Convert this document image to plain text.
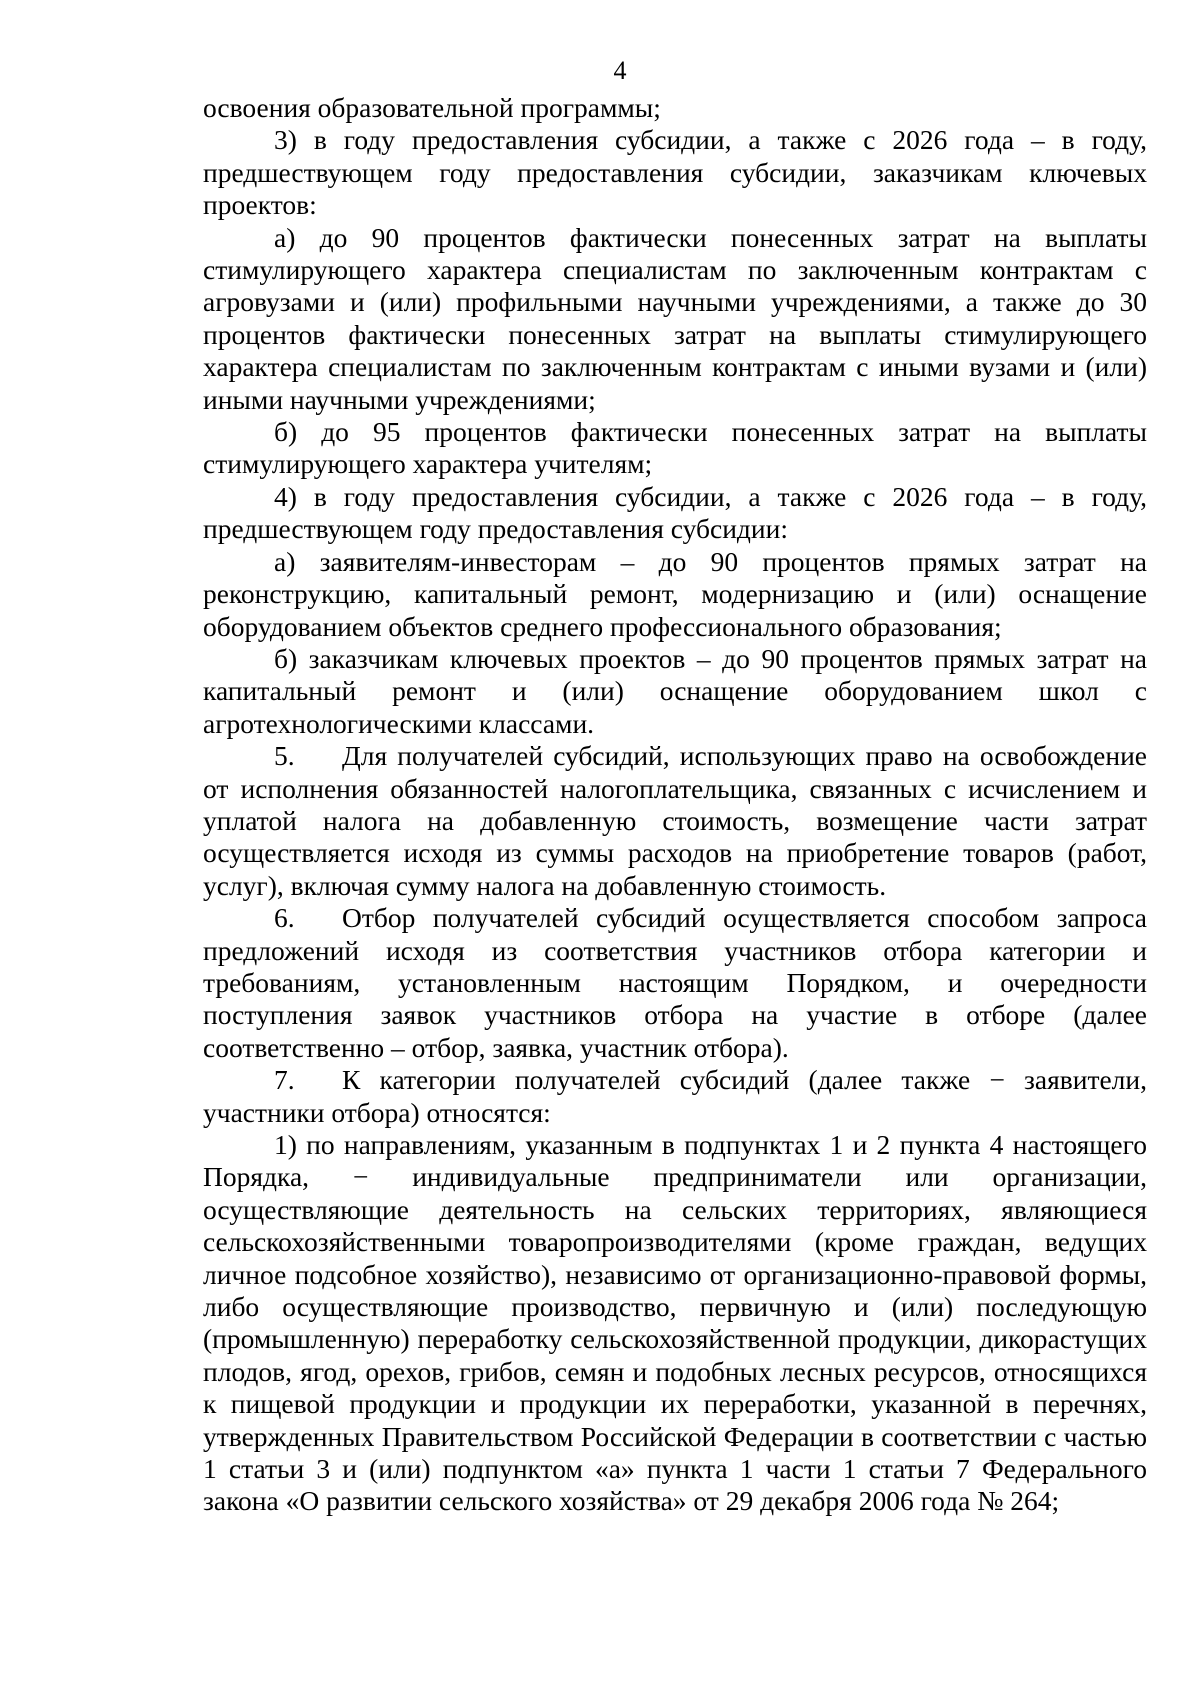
4

освоения образовательной программы;

3) в году предоставления субсидии, а также с 2026 года – в году, предшествующем году предоставления субсидии, заказчикам ключевых проектов:

а) до 90 процентов фактически понесенных затрат на выплаты стимулирующего характера специалистам по заключенным контрактам с агровузами и (или) профильными научными учреждениями, а также до 30 процентов фактически понесенных затрат на выплаты стимулирующего характера специалистам по заключенным контрактам с иными вузами и (или) иными научными учреждениями;

б) до 95 процентов фактически понесенных затрат на выплаты стимулирующего характера учителям;

4) в году предоставления субсидии, а также с 2026 года – в году, предшествующем году предоставления субсидии:

а) заявителям-инвесторам – до 90 процентов прямых затрат на реконструкцию, капитальный ремонт, модернизацию и (или) оснащение оборудованием объектов среднего профессионального образования;

б) заказчикам ключевых проектов – до 90 процентов прямых затрат на капитальный ремонт и (или) оснащение оборудованием школ с агротехнологическими классами.

5. Для получателей субсидий, использующих право на освобождение от исполнения обязанностей налогоплательщика, связанных с исчислением и уплатой налога на добавленную стоимость, возмещение части затрат осуществляется исходя из суммы расходов на приобретение товаров (работ, услуг), включая сумму налога на добавленную стоимость.

6. Отбор получателей субсидий осуществляется способом запроса предложений исходя из соответствия участников отбора категории и требованиям, установленным настоящим Порядком, и очередности поступления заявок участников отбора на участие в отборе (далее соответственно – отбор, заявка, участник отбора).

7. К категории получателей субсидий (далее также − заявители, участники отбора) относятся:

1) по направлениям, указанным в подпунктах 1 и 2 пункта 4 настоящего Порядка, − индивидуальные предприниматели или организации, осуществляющие деятельность на сельских территориях, являющиеся сельскохозяйственными товаропроизводителями (кроме граждан, ведущих личное подсобное хозяйство), независимо от организационно-правовой формы, либо осуществляющие производство, первичную и (или) последующую (промышленную) переработку сельскохозяйственной продукции, дикорастущих плодов, ягод, орехов, грибов, семян и подобных лесных ресурсов, относящихся к пищевой продукции и продукции их переработки, указанной в перечнях, утвержденных Правительством Российской Федерации в соответствии с частью 1 статьи 3 и (или) подпунктом «а» пункта 1 части 1 статьи 7 Федерального закона «О развитии сельского хозяйства» от 29 декабря 2006 года № 264;
